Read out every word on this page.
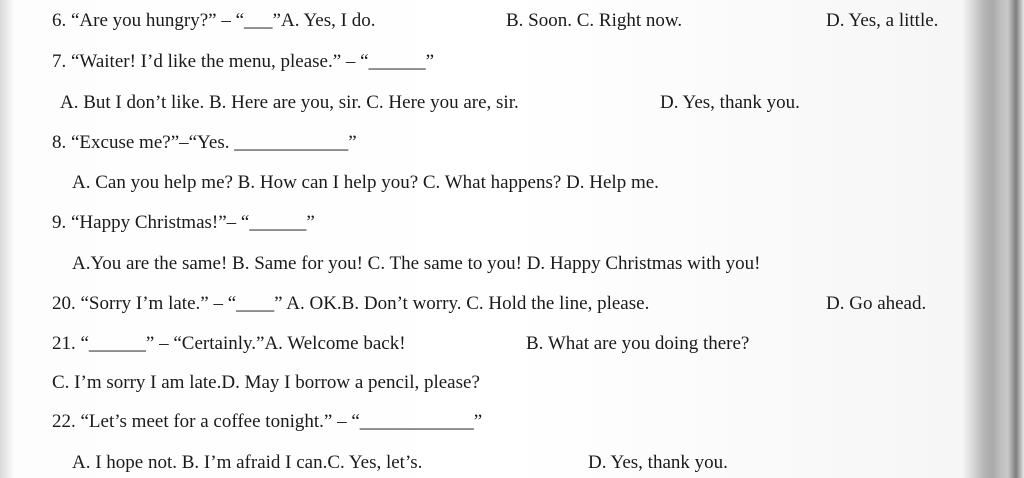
6. “Are you hungry?” – “___”A. Yes, I do.	B. Soon. C. Right now.	D. Yes, a little.
7. “Waiter! I’d like the menu, please.” – “______”
A. But I don’t like. B. Here are you, sir. C. Here you are, sir.	D. Yes, thank you.
8. “Excuse me?”–“Yes. ____________”
A. Can you help me? B. How can I help you? C. What happens? D. Help me.
9. “Happy Christmas!”– “______”
A.You are the same! B. Same for you! C. The same to you! D. Happy Christmas with you!
20. “Sorry I’m late.” – “____” A. OK.B. Don’t worry. C. Hold the line, please.	D. Go ahead.
21. “______” – “Certainly.”A. Welcome back!	B. What are you doing there?
C. I’m sorry I am late.D. May I borrow a pencil, please?
22. “Let’s meet for a coffee tonight.” – “____________”
A. I hope not. B. I’m afraid I can.C. Yes, let’s.	D. Yes, thank you.
